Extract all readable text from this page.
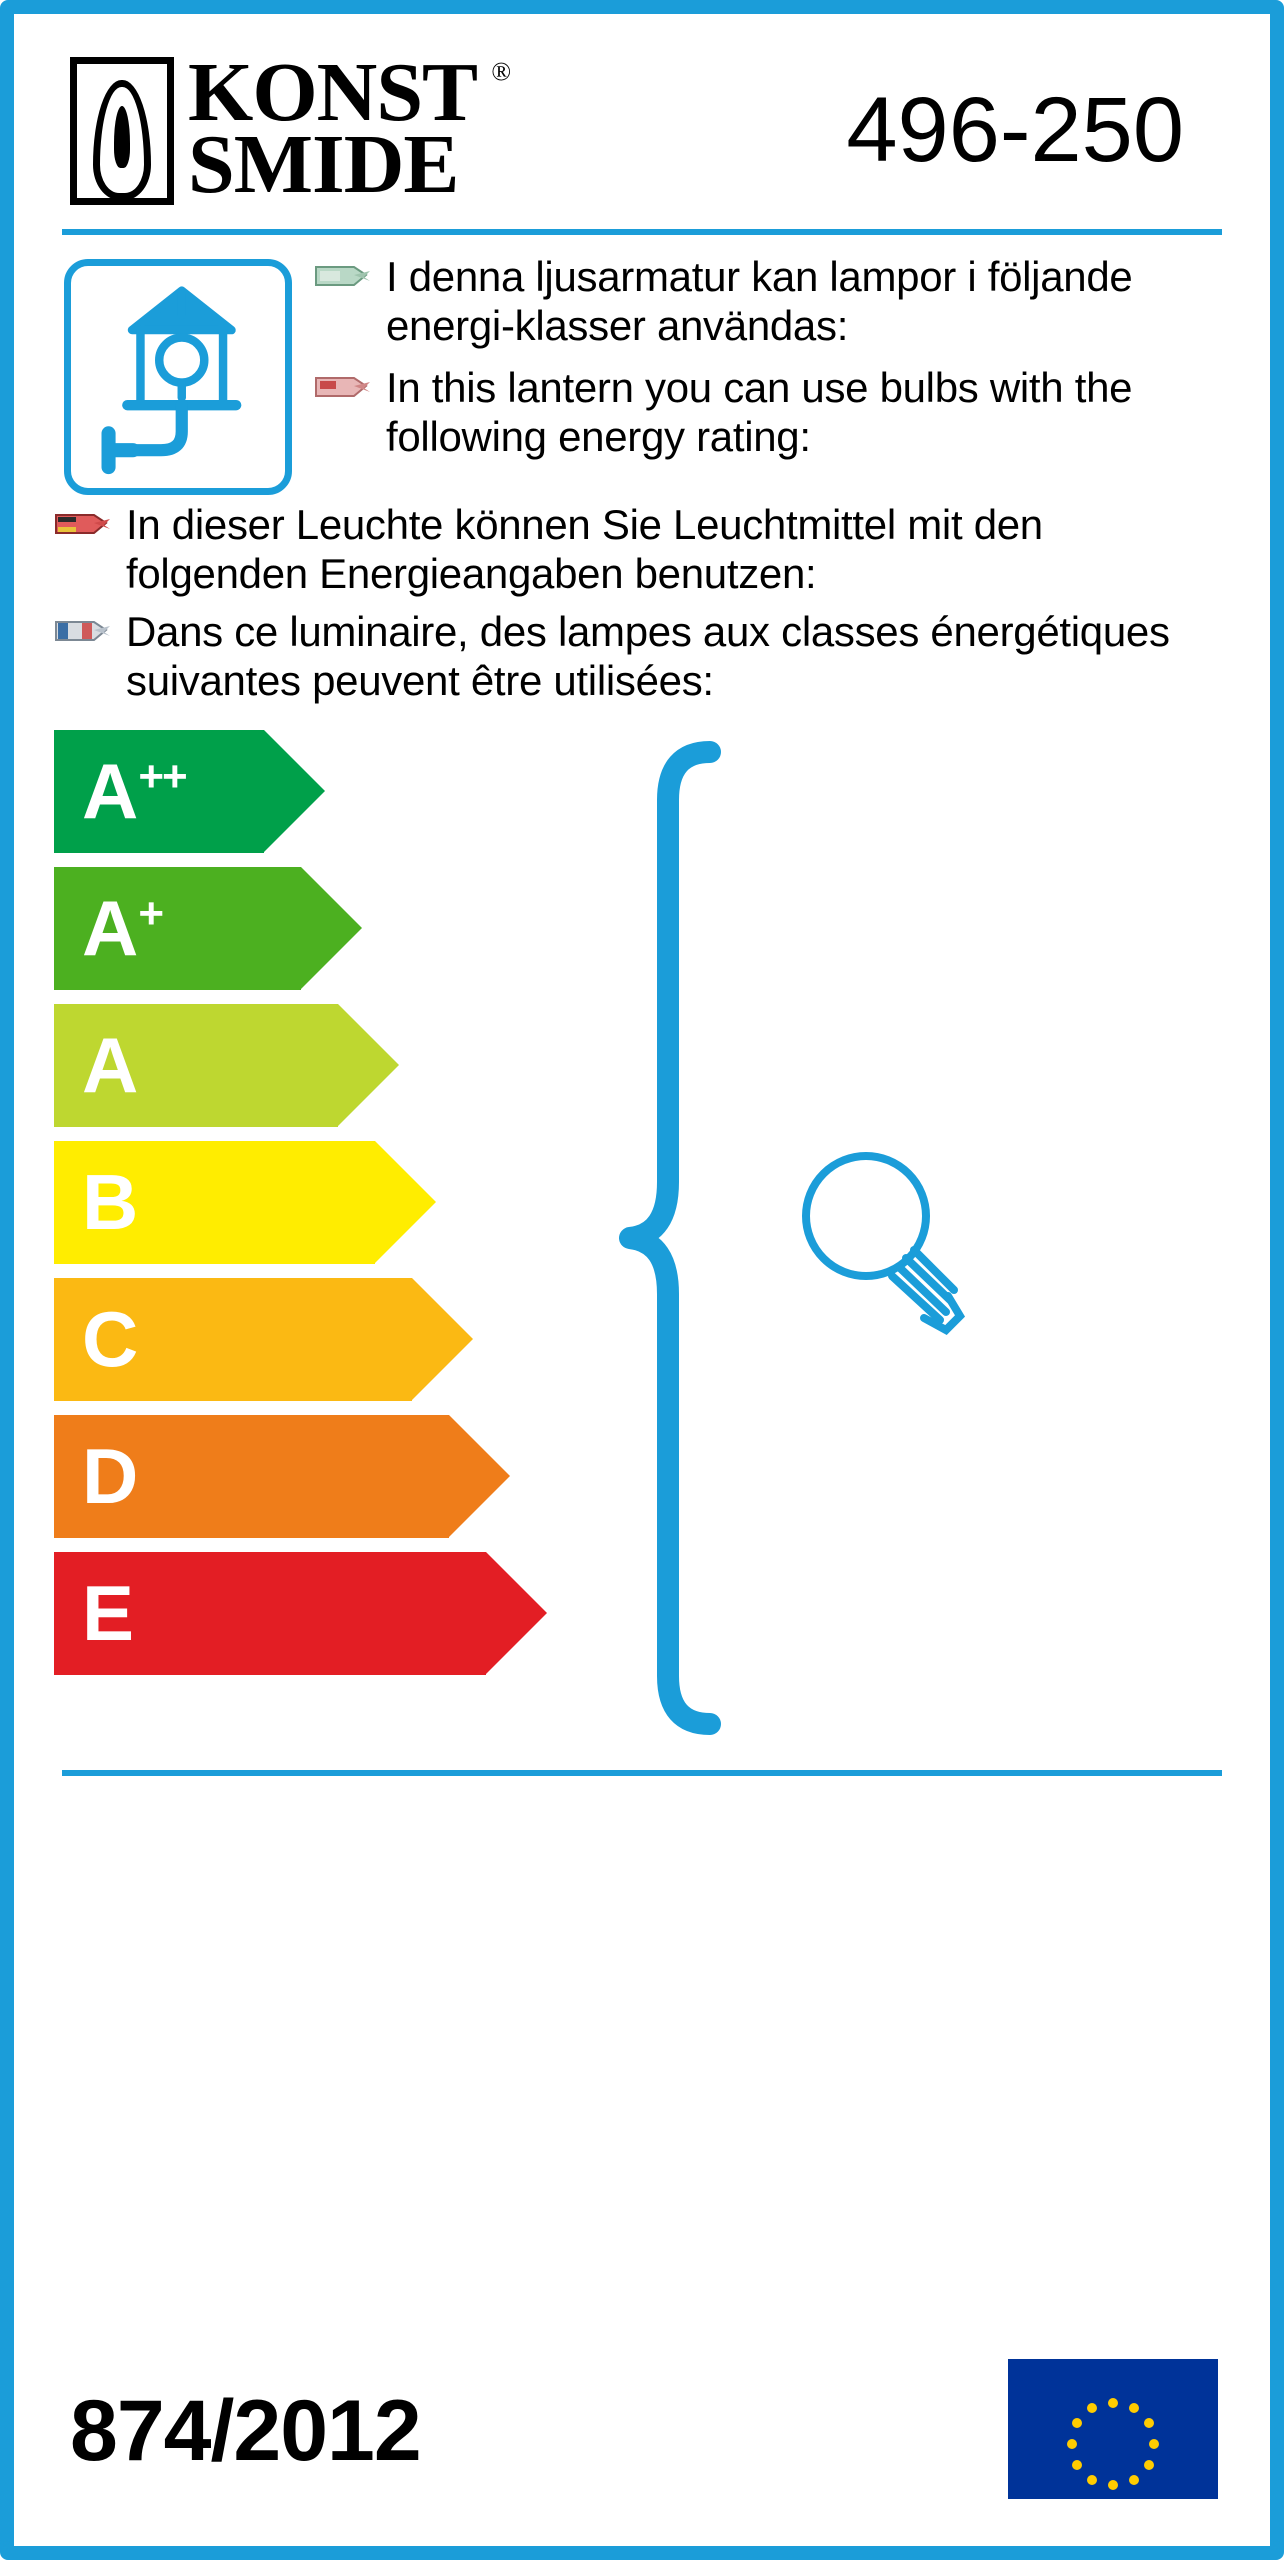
KONST
SMIDE
®
496-250
I denna ljusarmatur kan lampor i följande energi-klasser användas:
In this lantern you can use bulbs with the following energy rating:
In dieser Leuchte können Sie Leuchtmittel mit den folgenden Energieangaben benutzen:
Dans ce luminaire, des lampes aux classes énergétiques suivantes peuvent être utilisées:
A++
A+
A
B
C
D
E
874/2012
